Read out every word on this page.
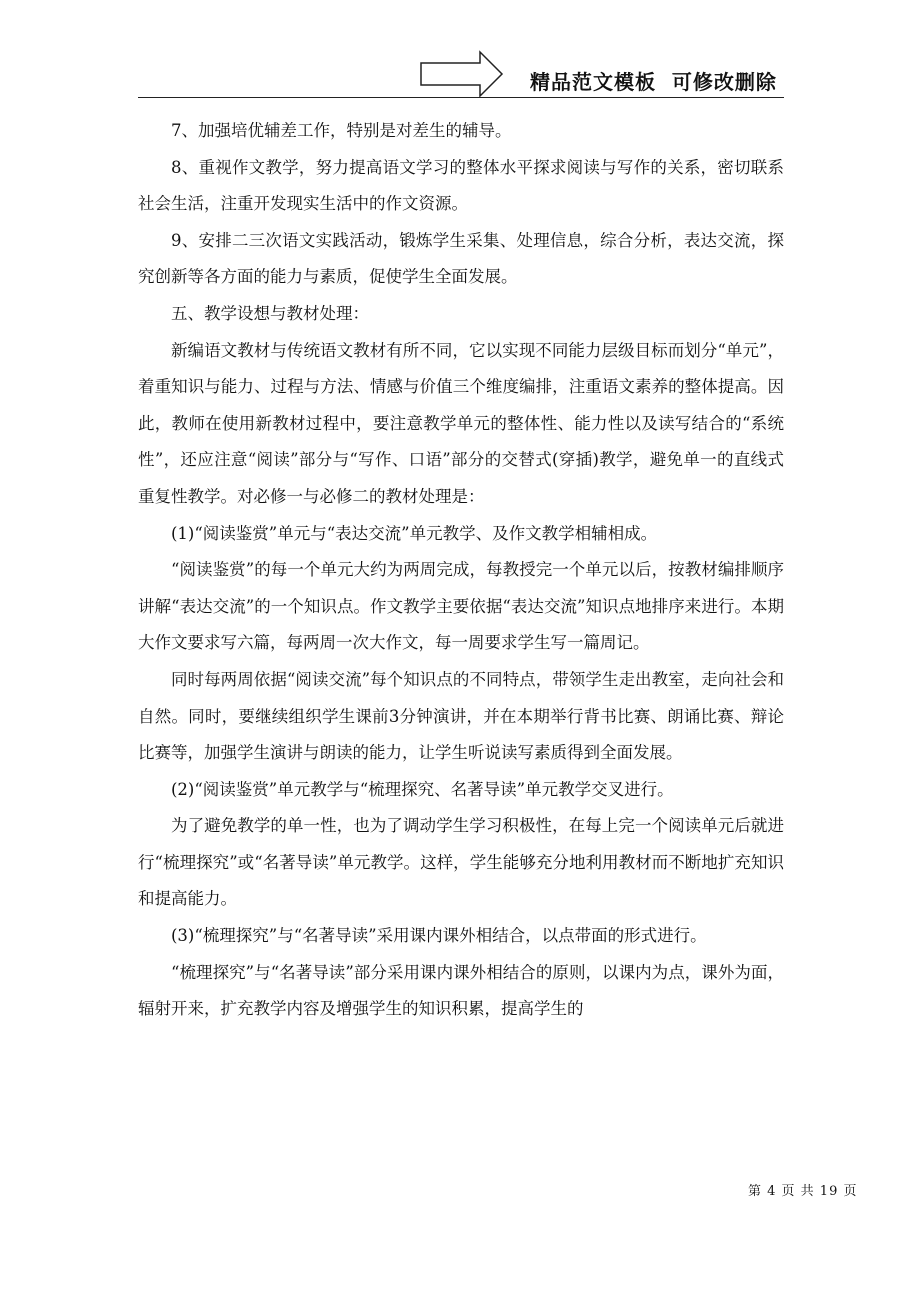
精品范文模板  可修改删除

7、加强培优辅差工作，特别是对差生的辅导。

8、重视作文教学，努力提高语文学习的整体水平探求阅读与写作的关系，密切联系社会生活，注重开发现实生活中的作文资源。

9、安排二三次语文实践活动，锻炼学生采集、处理信息，综合分析，表达交流，探究创新等各方面的能力与素质，促使学生全面发展。

五、教学设想与教材处理：

新编语文教材与传统语文教材有所不同，它以实现不同能力层级目标而划分“单元”，着重知识与能力、过程与方法、情感与价值三个维度编排，注重语文素养的整体提高。因此，教师在使用新教材过程中，要注意教学单元的整体性、能力性以及读写结合的“系统性”，还应注意“阅读”部分与“写作、口语”部分的交替式(穿插)教学，避免单一的直线式重复性教学。对必修一与必修二的教材处理是：

(1)“阅读鉴赏”单元与“表达交流”单元教学、及作文教学相辅相成。

“阅读鉴赏”的每一个单元大约为两周完成，每教授完一个单元以后，按教材编排顺序讲解“表达交流”的一个知识点。作文教学主要依据“表达交流”知识点地排序来进行。本期大作文要求写六篇，每两周一次大作文，每一周要求学生写一篇周记。

同时每两周依据“阅读交流”每个知识点的不同特点，带领学生走出教室，走向社会和自然。同时，要继续组织学生课前3分钟演讲，并在本期举行背书比赛、朗诵比赛、辩论比赛等，加强学生演讲与朗读的能力，让学生听说读写素质得到全面发展。

(2)“阅读鉴赏”单元教学与“梳理探究、名著导读”单元教学交叉进行。

为了避免教学的单一性，也为了调动学生学习积极性，在每上完一个阅读单元后就进行“梳理探究”或“名著导读”单元教学。这样，学生能够充分地利用教材而不断地扩充知识和提高能力。

(3)“梳理探究”与“名著导读”采用课内课外相结合，以点带面的形式进行。

“梳理探究”与“名著导读”部分采用课内课外相结合的原则，以课内为点，课外为面，辐射开来，扩充教学内容及增强学生的知识积累，提高学生的

第 4 页 共 19 页
